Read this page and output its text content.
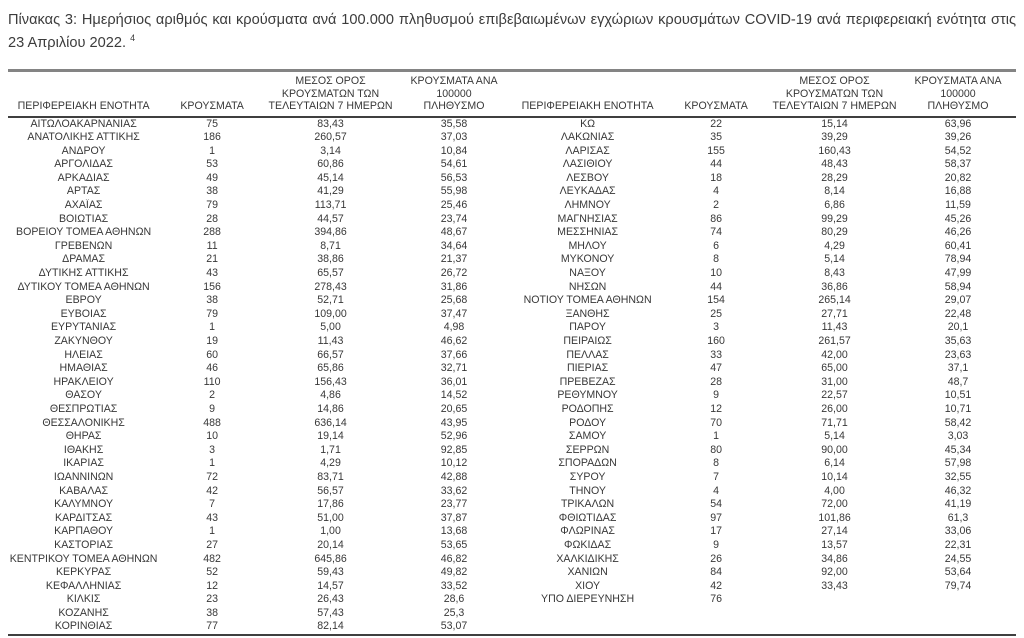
Πίνακας 3: Ημερήσιος αριθμός και κρούσματα ανά 100.000 πληθυσμού επιβεβαιωμένων εγχώριων κρουσμάτων COVID-19 ανά περιφερειακή ενότητα στις 23 Απριλίου 2022. $^4$

ΠΕΡΙΦΕΡΕΙΑΚΗ ΕΝΟΤΗΤΑ	ΚΡΟΥΣΜΑΤΑ

ΜΕΣΟΣ ΟΡΟΣ
ΚΡΟΥΣΜΑΤΩΝ ΤΩΝ
ΤΕΛΕΥΤΑΙΩΝ 7 ΗΜΕΡΩΝ

ΚΡΟΥΣΜΑΤΑ ΑΝΑ 100000
ΠΛΗΘΥΣΜΟ

ΑΙΤΩΛΟΑΚΑΡΝΑΝΙΑΣ	75	83,43	35,58
ΑΝΑΤΟΛΙΚΗΣ ΑΤΤΙΚΗΣ	186	260,57	37,03
ΑΝΔΡΟΥ	1	3,14	10,84
ΑΡΓΟΛΙΔΑΣ	53	60,86	54,61
ΑΡΚΑΔΙΑΣ	49	45,14	56,53
ΑΡΤΑΣ	38	41,29	55,98
ΑΧΑΪΑΣ	79	113,71	25,46
ΒΟΙΩΤΙΑΣ	28	44,57	23,74
ΒΟΡΕΙΟΥ ΤΟΜΕΑ ΑΘΗΝΩΝ	288	394,86	48,67
ΓΡΕΒΕΝΩΝ	11	8,71	34,64
ΔΡΑΜΑΣ	21	38,86	21,37
ΔΥΤΙΚΗΣ ΑΤΤΙΚΗΣ	43	65,57	26,72
ΔΥΤΙΚΟΥ ΤΟΜΕΑ ΑΘΗΝΩΝ	156	278,43	31,86
ΕΒΡΟΥ	38	52,71	25,68
ΕΥΒΟΙΑΣ	79	109,00	37,47
ΕΥΡΥΤΑΝΙΑΣ	1	5,00	4,98
ΖΑΚΥΝΘΟΥ	19	11,43	46,62
ΗΛΕΙΑΣ	60	66,57	37,66
ΗΜΑΘΙΑΣ	46	65,86	32,71
ΗΡΑΚΛΕΙΟΥ	110	156,43	36,01
ΘΑΣΟΥ	2	4,86	14,52
ΘΕΣΠΡΩΤΙΑΣ	9	14,86	20,65
ΘΕΣΣΑΛΟΝΙΚΗΣ	488	636,14	43,95
ΘΗΡΑΣ	10	19,14	52,96
ΙΘΑΚΗΣ	3	1,71	92,85
ΙΚΑΡΙΑΣ	1	4,29	10,12
ΙΩΑΝΝΙΝΩΝ	72	83,71	42,88
ΚΑΒΑΛΑΣ	42	56,57	33,62
ΚΑΛΥΜΝΟΥ	7	17,86	23,77
ΚΑΡΔΙΤΣΑΣ	43	51,00	37,87
ΚΑΡΠΑΘΟΥ	1	1,00	13,68
ΚΑΣΤΟΡΙΑΣ	27	20,14	53,65
ΚΕΝΤΡΙΚΟΥ ΤΟΜΕΑ ΑΘΗΝΩΝ	482	645,86	46,82
ΚΕΡΚΥΡΑΣ	52	59,43	49,82
ΚΕΦΑΛΛΗΝΙΑΣ	12	14,57	33,52
ΚΙΛΚΙΣ	23	26,43	28,6
ΚΟΖΑΝΗΣ	38	57,43	25,3
ΚΟΡΙΝΘΙΑΣ	77	82,14	53,07
ΠΕΡΙΦΕΡΕΙΑΚΗ ΕΝΟΤΗΤΑ	ΚΡΟΥΣΜΑΤΑ

ΜΕΣΟΣ ΟΡΟΣ
ΚΡΟΥΣΜΑΤΩΝ ΤΩΝ
ΤΕΛΕΥΤΑΙΩΝ 7 ΗΜΕΡΩΝ

ΚΡΟΥΣΜΑΤΑ ΑΝΑ 100000
ΠΛΗΘΥΣΜΟ

ΚΩ	22	15,14	63,96
ΛΑΚΩΝΙΑΣ	35	39,29	39,26
ΛΑΡΙΣΑΣ	155	160,43	54,52
ΛΑΣΙΘΙΟΥ	44	48,43	58,37
ΛΕΣΒΟΥ	18	28,29	20,82
ΛΕΥΚΑΔΑΣ	4	8,14	16,88
ΛΗΜΝΟΥ	2	6,86	11,59
ΜΑΓΝΗΣΙΑΣ	86	99,29	45,26
ΜΕΣΣΗΝΙΑΣ	74	80,29	46,26
ΜΗΛΟΥ	6	4,29	60,41
ΜΥΚΟΝΟΥ	8	5,14	78,94
ΝΑΞΟΥ	10	8,43	47,99
ΝΗΣΩΝ	44	36,86	58,94
ΝΟΤΙΟΥ ΤΟΜΕΑ ΑΘΗΝΩΝ	154	265,14	29,07
ΞΑΝΘΗΣ	25	27,71	22,48
ΠΑΡΟΥ	3	11,43	20,1
ΠΕΙΡΑΙΩΣ	160	261,57	35,63
ΠΕΛΛΑΣ	33	42,00	23,63
ΠΙΕΡΙΑΣ	47	65,00	37,1
ΠΡΕΒΕΖΑΣ	28	31,00	48,7
ΡΕΘΥΜΝΟΥ	9	22,57	10,51
ΡΟΔΟΠΗΣ	12	26,00	10,71
ΡΟΔΟΥ	70	71,71	58,42
ΣΑΜΟΥ	1	5,14	3,03
ΣΕΡΡΩΝ	80	90,00	45,34
ΣΠΟΡΑΔΩΝ	8	6,14	57,98
ΣΥΡΟΥ	7	10,14	32,55
ΤΗΝΟΥ	4	4,00	46,32
ΤΡΙΚΑΛΩΝ	54	72,00	41,19
ΦΘΙΩΤΙΔΑΣ	97	101,86	61,3
ΦΛΩΡΙΝΑΣ	17	27,14	33,06
ΦΩΚΙΔΑΣ	9	13,57	22,31
ΧΑΛΚΙΔΙΚΗΣ	26	34,86	24,55
ΧΑΝΙΩΝ	84	92,00	53,64
ΧΙΟΥ	42	33,43	79,74
ΥΠΟ ΔΙΕΡΕΥΝΗΣΗ	76		
